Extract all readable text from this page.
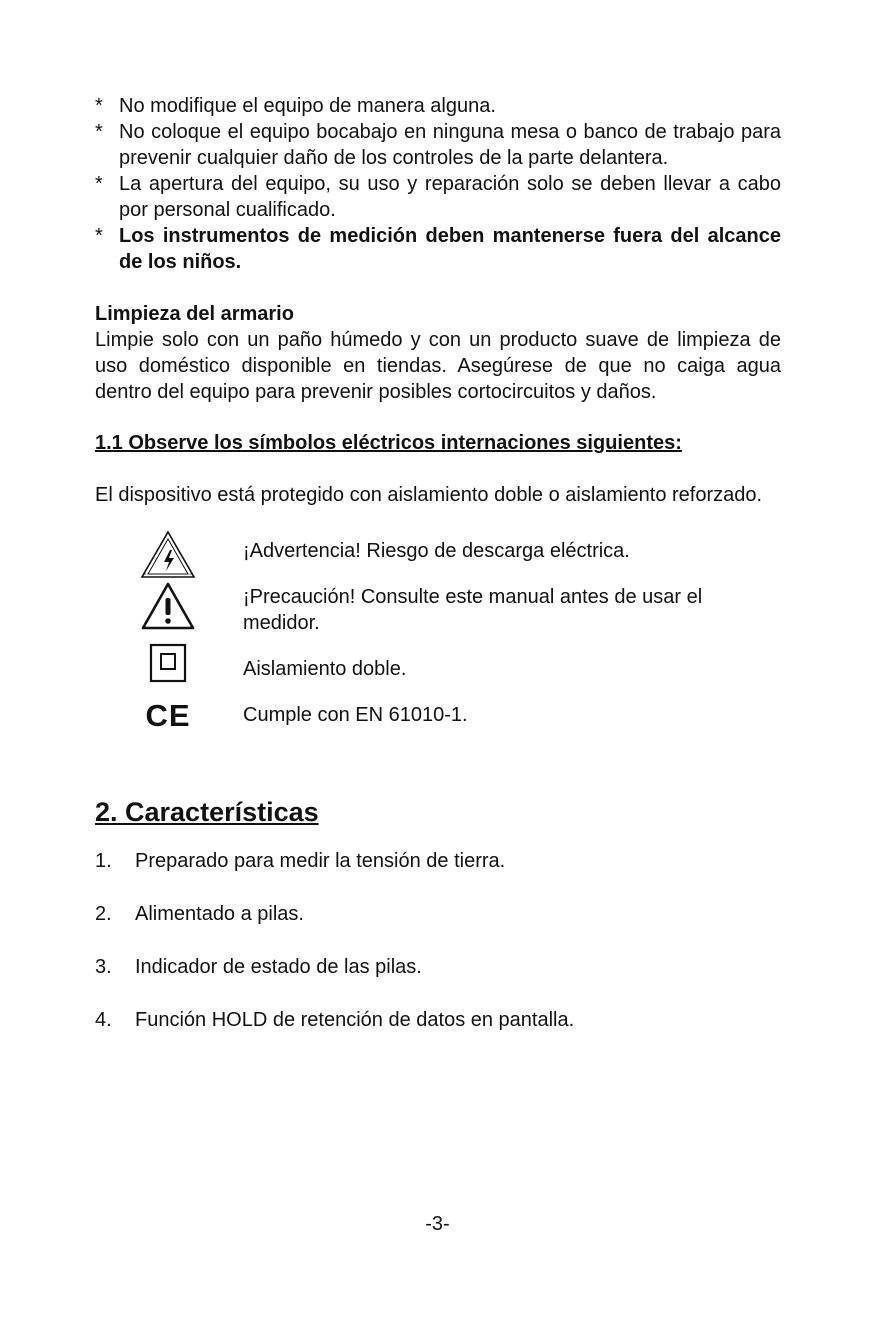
* No modifique el equipo de manera alguna.
* No coloque el equipo bocabajo en ninguna mesa o banco de trabajo para prevenir cualquier daño de los controles de la parte delantera.
* La apertura del equipo, su uso y reparación solo se deben llevar a cabo por personal cualificado.
* Los instrumentos de medición deben mantenerse fuera del alcance de los niños.
Limpieza del armario
Limpie solo con un paño húmedo y con un producto suave de limpieza de uso doméstico disponible en tiendas. Asegúrese de que no caiga agua dentro del equipo para prevenir posibles cortocircuitos y daños.
1.1 Observe los símbolos eléctricos internaciones siguientes:
El dispositivo está protegido con aislamiento doble o aislamiento reforzado.
¡Advertencia! Riesgo de descarga eléctrica.
¡Precaución! Consulte este manual antes de usar el medidor.
Aislamiento doble.
CE	Cumple con EN 61010-1.
2. Características
1. Preparado para medir la tensión de tierra.
2. Alimentado a pilas.
3. Indicador de estado de las pilas.
4. Función HOLD de retención de datos en pantalla.
-3-
